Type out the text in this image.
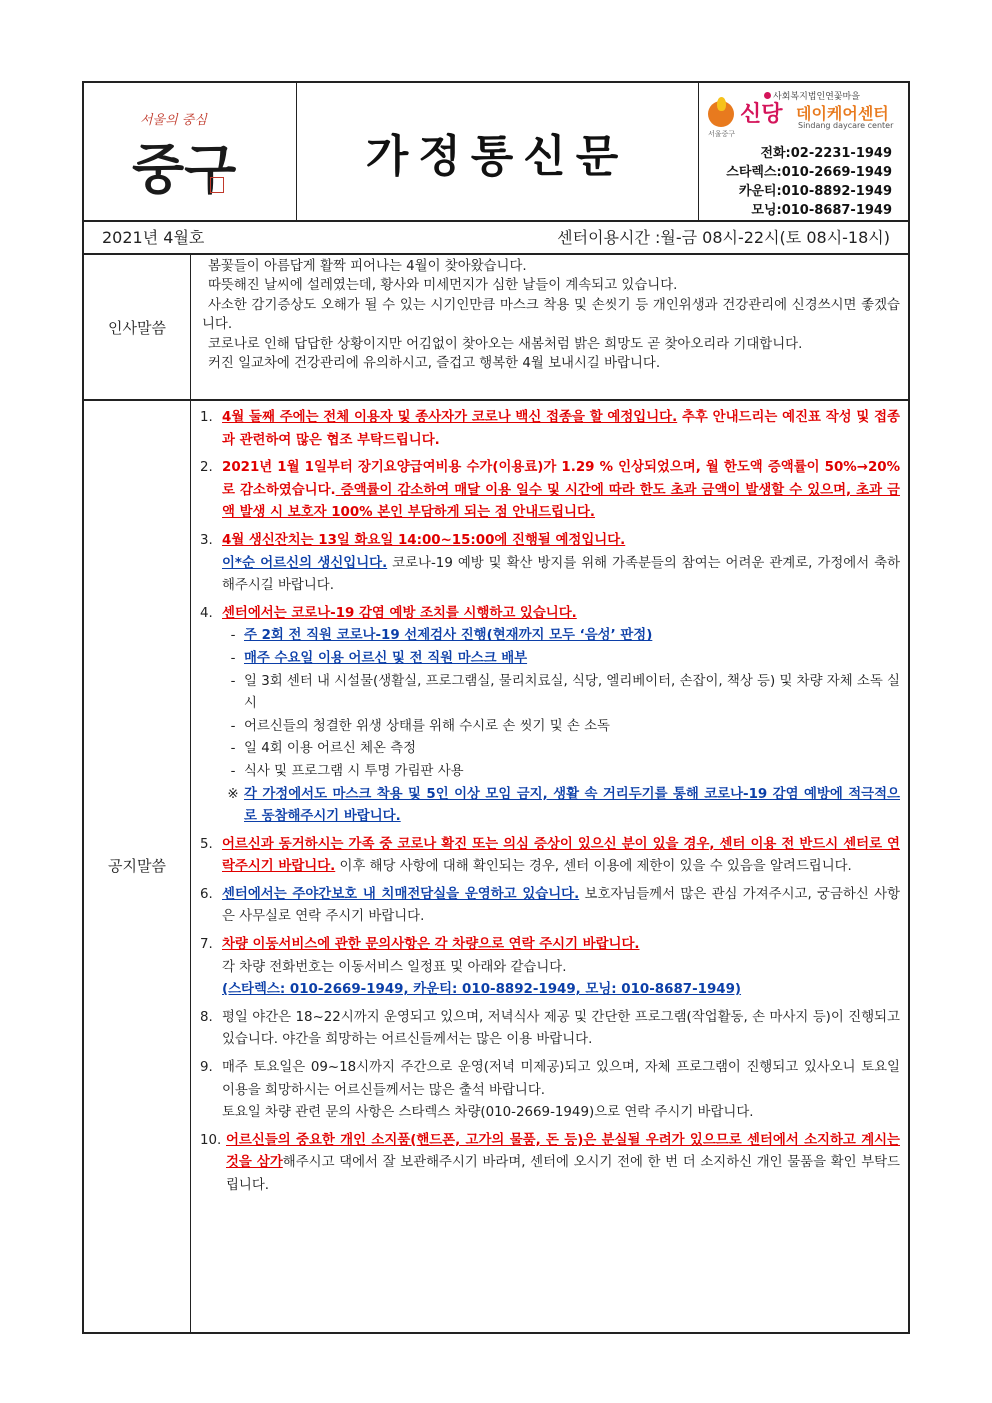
서울의 중심
중구	가정통신문
사회복지법인연꽃마을
신당 데이케어센터
Sindang daycare center
서울중구
전화:02-2231-1949
스타렉스:010-2669-1949
카운티:010-8892-1949
모닝:010-8687-1949
2021년 4월호	센터이용시간 :월-금 08시-22시(토 08시-18시)
인사말씀

봄꽃들이 아름답게 활짝 피어나는 4월이 찾아왔습니다.

따뜻해진 날씨에 설레였는데, 황사와 미세먼지가 심한 날들이 계속되고 있습니다.

사소한 감기증상도 오해가 될 수 있는 시기인만큼 마스크 착용 및 손씻기 등 개인위생과 건강관리에 신경쓰시면 좋겠습니다.

코로나로 인해 답답한 상황이지만 어김없이 찾아오는 새봄처럼 밝은 희망도 곧 찾아오리라 기대합니다.

커진 일교차에 건강관리에 유의하시고, 즐겁고 행복한 4월 보내시길 바랍니다.

공지말씀
1. 4월 둘째 주에는 전체 이용자 및 종사자가 코로나 백신 접종을 할 예정입니다. 추후 안내드리는 예진표 작성 및 접종과 관련하여 많은 협조 부탁드립니다.
2. 2021년 1월 1일부터 장기요양급여비용 수가(이용료)가 1.29 % 인상되었으며, 월 한도액 증액률이 50%→20%로 감소하였습니다. 증액률이 감소하여 매달 이용 일수 및 시간에 따라 한도 초과 금액이 발생할 수 있으며, 초과 금액 발생 시 보호자 100% 본인 부담하게 되는 점 안내드립니다.
3. 4월 생신잔치는 13일 화요일 14:00~15:00에 진행될 예정입니다.
이*순 어르신의 생신입니다. 코로나-19 예방 및 확산 방지를 위해 가족분들의 참여는 어려운 관계로, 가정에서 축하해주시길 바랍니다.
4. 센터에서는 코로나-19 감염 예방 조치를 시행하고 있습니다.
- 주 2회 전 직원 코로나-19 선제검사 진행(현재까지 모두 ‘음성’ 판정)
- 매주 수요일 이용 어르신 및 전 직원 마스크 배부
- 일 3회 센터 내 시설물(생활실, 프로그램실, 물리치료실, 식당, 엘리베이터, 손잡이, 책상 등) 및 차량 자체 소독 실시
- 어르신들의 청결한 위생 상태를 위해 수시로 손 씻기 및 손 소독
- 일 4회 이용 어르신 체온 측정
- 식사 및 프로그램 시 투명 가림판 사용
※ 각 가정에서도 마스크 착용 및 5인 이상 모임 금지, 생활 속 거리두기를 통해 코로나-19 감염 예방에 적극적으로 동참해주시기 바랍니다.
5. 어르신과 동거하시는 가족 중 코로나 확진 또는 의심 증상이 있으신 분이 있을 경우, 센터 이용 전 반드시 센터로 연락주시기 바랍니다. 이후 해당 사항에 대해 확인되는 경우, 센터 이용에 제한이 있을 수 있음을 알려드립니다.
6. 센터에서는 주야간보호 내 치매전담실을 운영하고 있습니다. 보호자님들께서 많은 관심 가져주시고, 궁금하신 사항은 사무실로 연락 주시기 바랍니다.
7. 차량 이동서비스에 관한 문의사항은 각 차량으로 연락 주시기 바랍니다.
각 차량 전화번호는 이동서비스 일정표 및 아래와 같습니다.
(스타렉스: 010-2669-1949, 카운티: 010-8892-1949, 모닝: 010-8687-1949)
8. 평일 야간은 18~22시까지 운영되고 있으며, 저녁식사 제공 및 간단한 프로그램(작업활동, 손 마사지 등)이 진행되고 있습니다. 야간을 희망하는 어르신들께서는 많은 이용 바랍니다.
9. 매주 토요일은 09~18시까지 주간으로 운영(저녁 미제공)되고 있으며, 자체 프로그램이 진행되고 있사오니 토요일 이용을 희망하시는 어르신들께서는 많은 출석 바랍니다.
토요일 차량 관련 문의 사항은 스타렉스 차량(010-2669-1949)으로 연락 주시기 바랍니다.
10. 어르신들의 중요한 개인 소지품(핸드폰, 고가의 물품, 돈 등)은 분실될 우려가 있으므로 센터에서 소지하고 계시는 것을 삼가해주시고 댁에서 잘 보관해주시기 바라며, 센터에 오시기 전에 한 번 더 소지하신 개인 물품을 확인 부탁드립니다.
